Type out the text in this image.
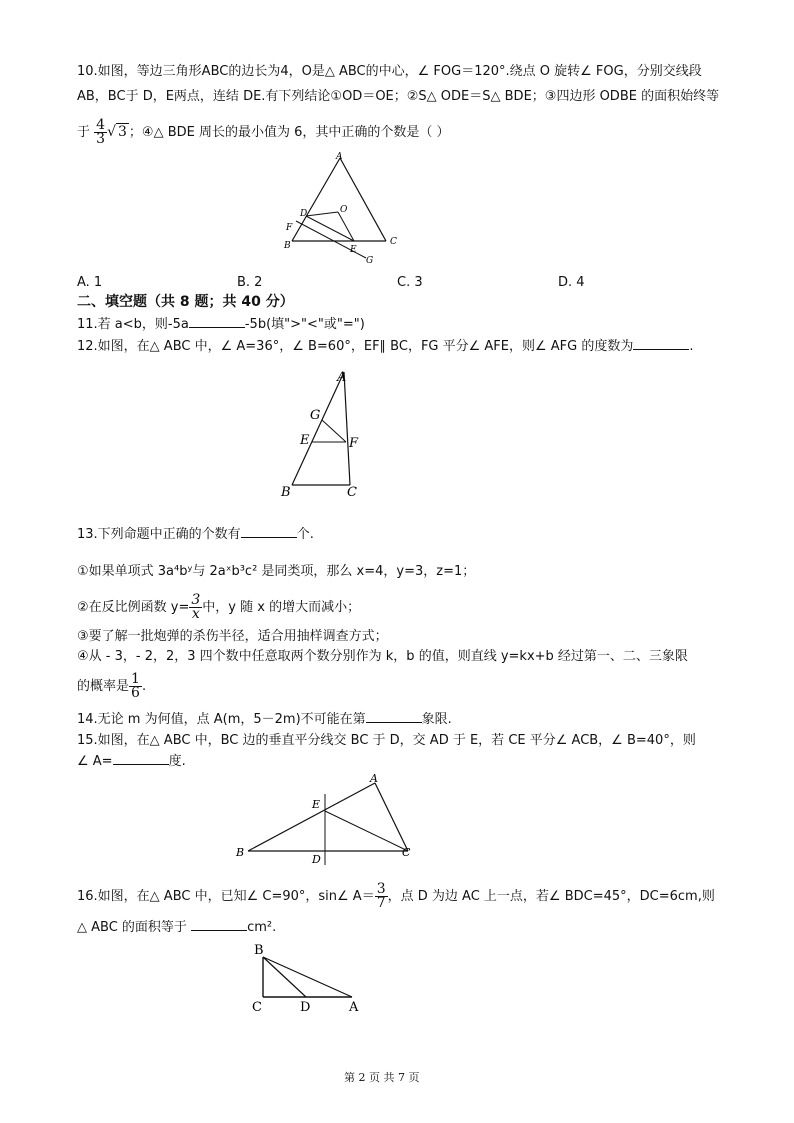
10.如图，等边三角形ABC的边长为4，O是△ ABC的中心，∠ FOG＝120°.绕点 O 旋转∠ FOG，分别交线段
AB，BC于 D，E两点，连结 DE.有下列结论①OD＝OE；②S△ ODE＝S△ BDE；③四边形 ODBE 的面积始终等
于 $\frac{4}{3}$ √ 3 ；④△ BDE 周长的最小值为 6，其中正确的个数是（ ）
A
D	O
F
B	E
C
G
A. 1	B. 2	C. 3	D. 4
二、填空题（共 8 题；共 40 分）
11.若 a<b，则-5a	-5b(填">"<"或"=")
12.如图，在△ ABC 中，∠ A=36°，∠ B=60°，EF∥ BC，FG 平分∠ AFE，则∠ AFG 的度数为	.
A
G
E	F
B	C
13.下列命题中正确的个数有	个.
①如果单项式 3a⁴bʸ与 2aˣb³c² 是同类项，那么 x=4，y=3，z=1；
②在反比例函数 $y= \frac{3}{x}$ 中，y 随 x 的增大而减小；
③要了解一批炮弹的杀伤半径，适合用抽样调查方式；
④从 - 3，- 2，2，3 四个数中任意取两个数分别作为 k，b 的值，则直线 y=kx+b 经过第一、二、三象限
的概率是 $\frac{1}{6}$ .
14.无论 m 为何值，点 A(m，5－2m)不可能在第	象限.
15.如图，在△ ABC 中，BC 边的垂直平分线交 BC 于 D，交 AD 于 E，若 CE 平分∠ ACB，∠ B=40°，则
∠ A=	度.
A
E
B
D
C
16.如图，在△ ABC 中，已知∠ C=90°，sin∠ $A= \frac{3}{7}$ ，点 D 为边 AC 上一点，若∠ BDC=45°，DC=6cm,则
△ ABC 的面积等于	cm².
B
C	D	A
第 2 页 共 7 页
